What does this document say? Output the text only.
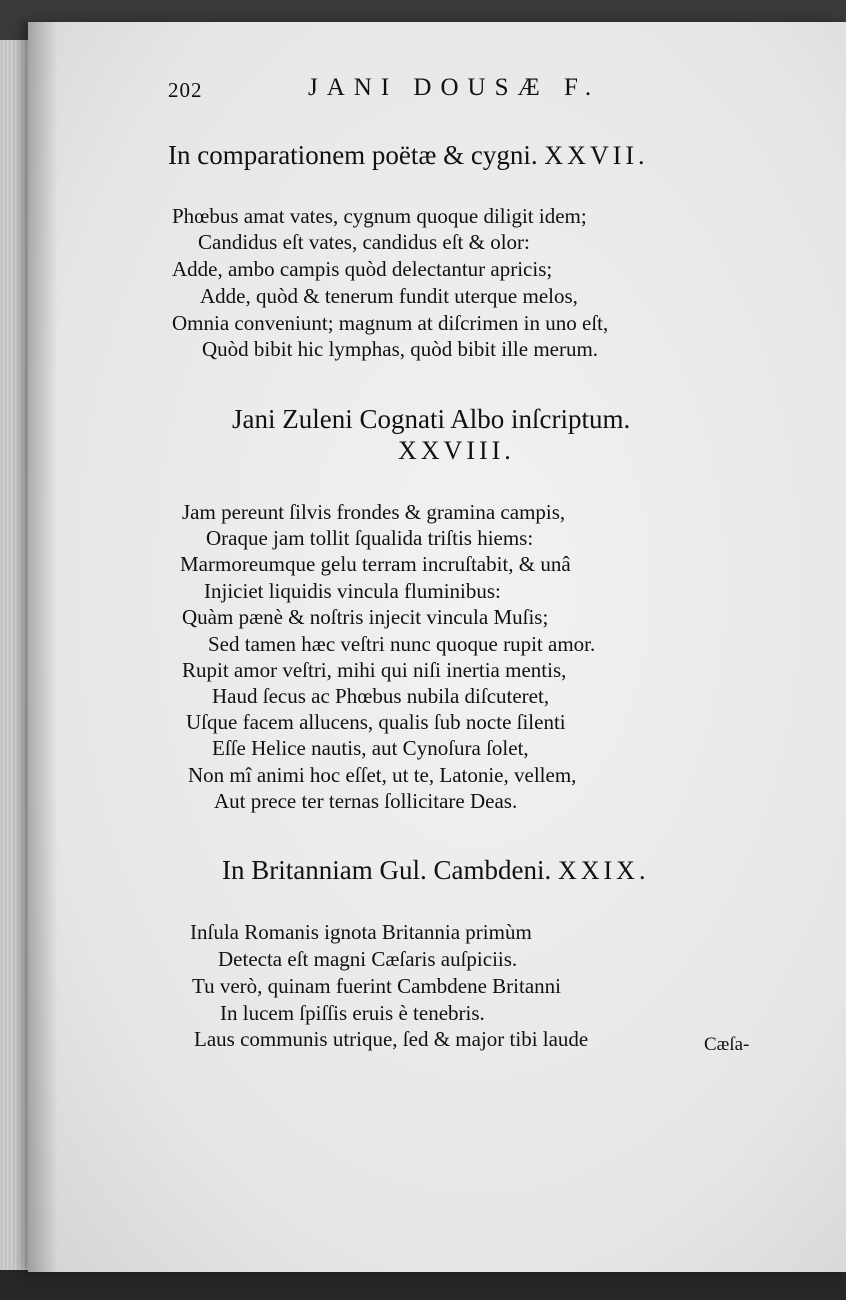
202	JANI DOUSÆ F.
In comparationem poëtæ & cygni. XXVII.
Phœbus amat vates, cygnum quoque diligit idem;
Candidus eſt vates, candidus eſt & olor:
Adde, ambo campis quòd delectantur apricis;
Adde, quòd & tenerum fundit uterque melos,
Omnia conveniunt; magnum at diſcrimen in uno eſt,
Quòd bibit hic lymphas, quòd bibit ille merum.
Jani Zuleni Cognati Albo inſcriptum.
XXVIII.
Jam pereunt ſilvis frondes & gramina campis,
Oraque jam tollit ſqualida triſtis hiems:
Marmoreumque gelu terram incruſtabit, & unâ
Injiciet liquidis vincula fluminibus:
Quàm pænè & noſtris injecit vincula Muſis;
Sed tamen hæc veſtri nunc quoque rupit amor.
Rupit amor veſtri, mihi qui niſi inertia mentis,
Haud ſecus ac Phœbus nubila diſcuteret,
Uſque facem allucens, qualis ſub nocte ſilenti
Eſſe Helice nautis, aut Cynoſura ſolet,
Non mî animi hoc eſſet, ut te, Latonie, vellem,
Aut prece ter ternas ſollicitare Deas.
In Britanniam Gul. Cambdeni. XXIX.
Inſula Romanis ignota Britannia primùm
Detecta eſt magni Cæſaris auſpiciis.
Tu verò, quinam fuerint Cambdene Britanni
In lucem ſpiſſis eruis è tenebris.
Laus communis utrique, ſed & major tibi laude	Cæſa-
